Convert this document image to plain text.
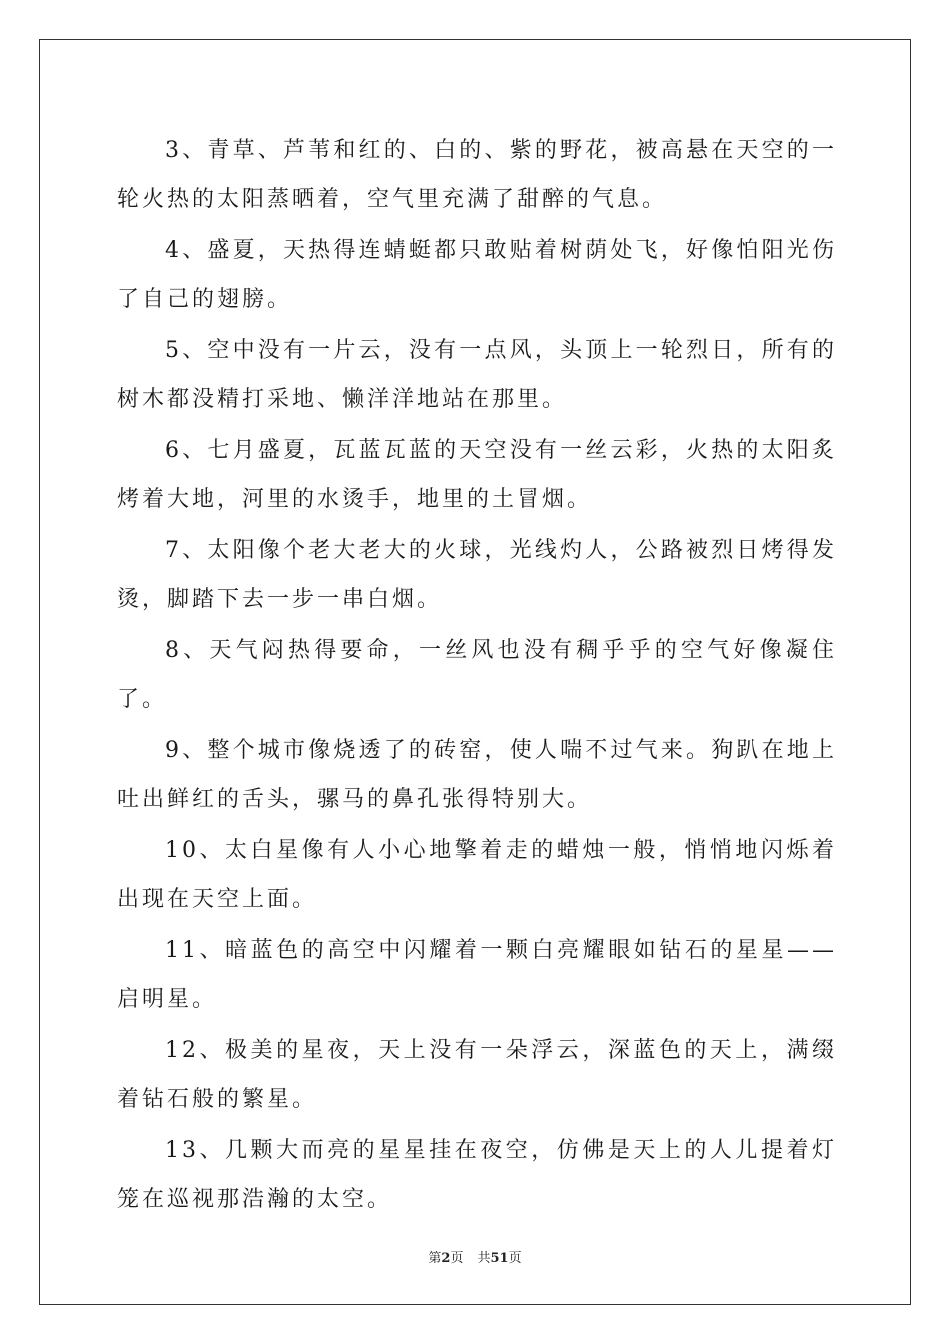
3、青草、芦苇和红的、白的、紫的野花，被高悬在天空的一轮火热的太阳蒸晒着，空气里充满了甜醉的气息。

4、盛夏，天热得连蜻蜓都只敢贴着树荫处飞，好像怕阳光伤了自己的翅膀。

5、空中没有一片云，没有一点风，头顶上一轮烈日，所有的树木都没精打采地、懒洋洋地站在那里。

6、七月盛夏，瓦蓝瓦蓝的天空没有一丝云彩，火热的太阳炙烤着大地，河里的水烫手，地里的土冒烟。

7、太阳像个老大老大的火球，光线灼人，公路被烈日烤得发烫，脚踏下去一步一串白烟。

8、天气闷热得要命，一丝风也没有稠乎乎的空气好像凝住了。

9、整个城市像烧透了的砖窑，使人喘不过气来。狗趴在地上吐出鲜红的舌头，骡马的鼻孔张得特别大。

10、太白星像有人小心地擎着走的蜡烛一般，悄悄地闪烁着出现在天空上面。

11、暗蓝色的高空中闪耀着一颗白亮耀眼如钻石的星星——启明星。

12、极美的星夜，天上没有一朵浮云，深蓝色的天上，满缀着钻石般的繁星。

13、几颗大而亮的星星挂在夜空，仿佛是天上的人儿提着灯笼在巡视那浩瀚的太空。

第2页 共51页
